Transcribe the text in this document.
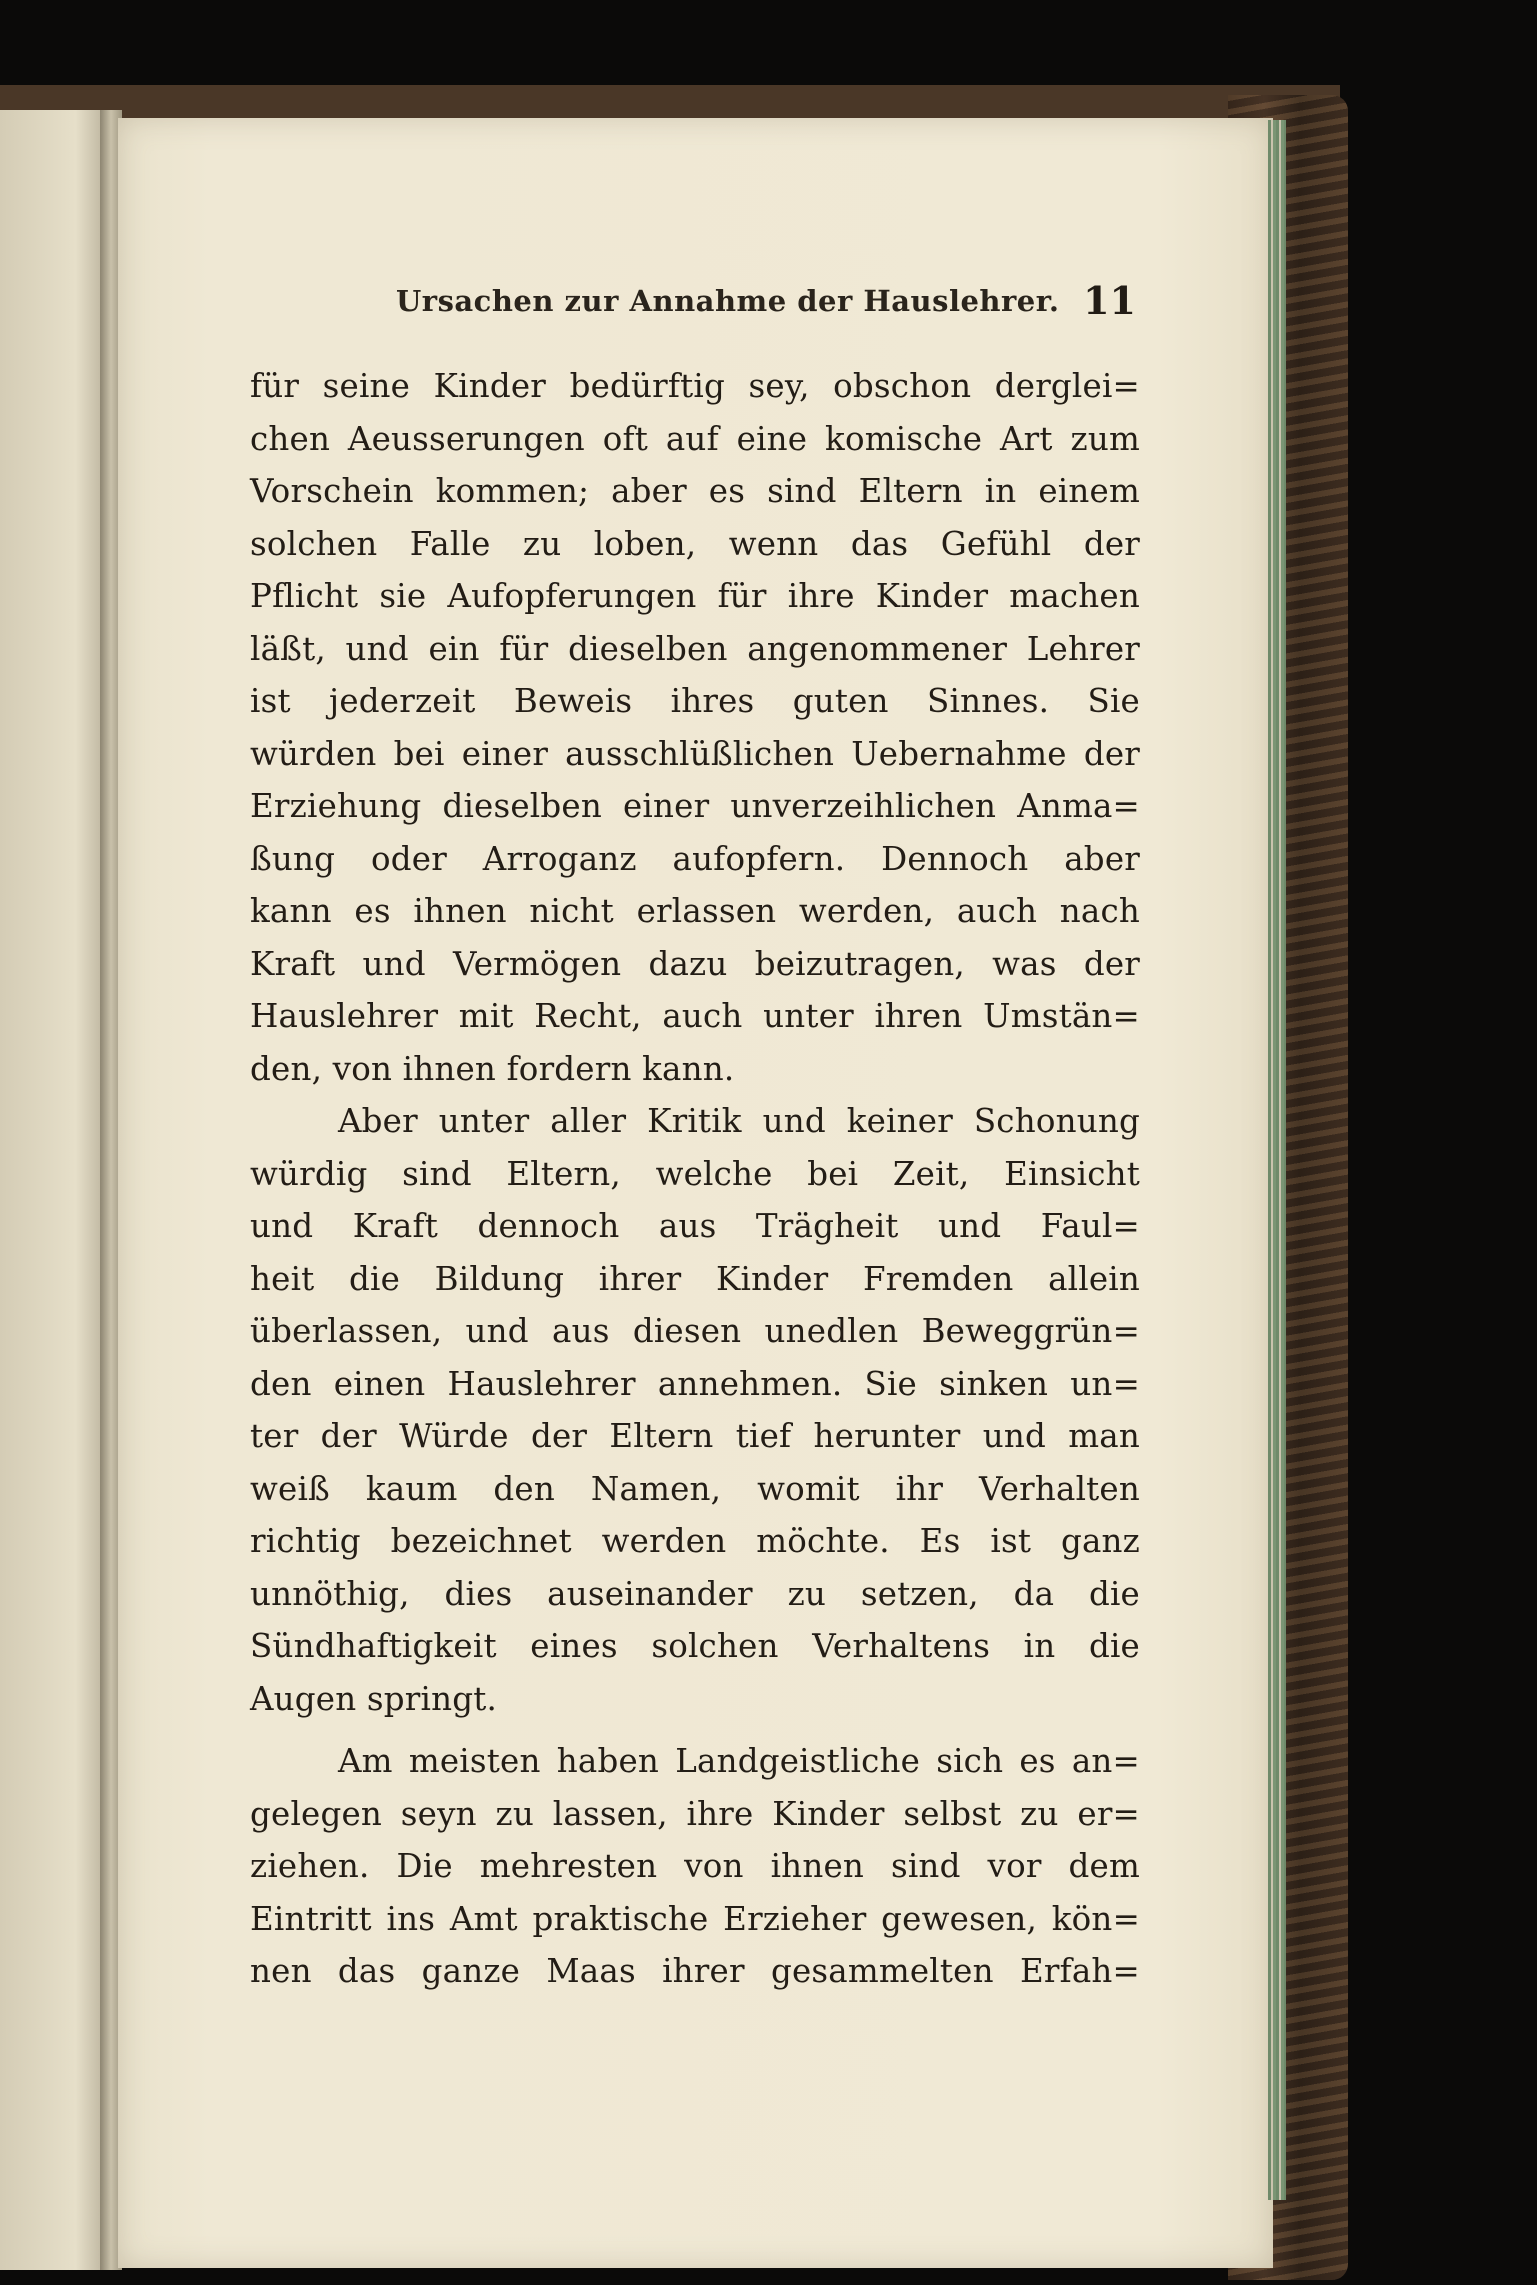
Ursachen zur Annahme der Hauslehrer. 11
für seine Kinder bedürftig sey, obschon derglei=
chen Aeusserungen oft auf eine komische Art zum
Vorschein kommen; aber es sind Eltern in einem
solchen Falle zu loben, wenn das Gefühl der
Pflicht sie Aufopferungen für ihre Kinder machen
läßt, und ein für dieselben angenommener Lehrer
ist jederzeit Beweis ihres guten Sinnes. Sie
würden bei einer ausschlüßlichen Uebernahme der
Erziehung dieselben einer unverzeihlichen Anma=
ßung oder Arroganz aufopfern. Dennoch aber
kann es ihnen nicht erlassen werden, auch nach
Kraft und Vermögen dazu beizutragen, was der
Hauslehrer mit Recht, auch unter ihren Umstän=
den, von ihnen fordern kann.
Aber unter aller Kritik und keiner Schonung
würdig sind Eltern, welche bei Zeit, Einsicht
und Kraft dennoch aus Trägheit und Faul=
heit die Bildung ihrer Kinder Fremden allein
überlassen, und aus diesen unedlen Beweggrün=
den einen Hauslehrer annehmen. Sie sinken un=
ter der Würde der Eltern tief herunter und man
weiß kaum den Namen, womit ihr Verhalten
richtig bezeichnet werden möchte. Es ist ganz
unnöthig, dies auseinander zu setzen, da die
Sündhaftigkeit eines solchen Verhaltens in die
Augen springt.
Am meisten haben Landgeistliche sich es an=
gelegen seyn zu lassen, ihre Kinder selbst zu er=
ziehen. Die mehresten von ihnen sind vor dem
Eintritt ins Amt praktische Erzieher gewesen, kön=
nen das ganze Maas ihrer gesammelten Erfah=
